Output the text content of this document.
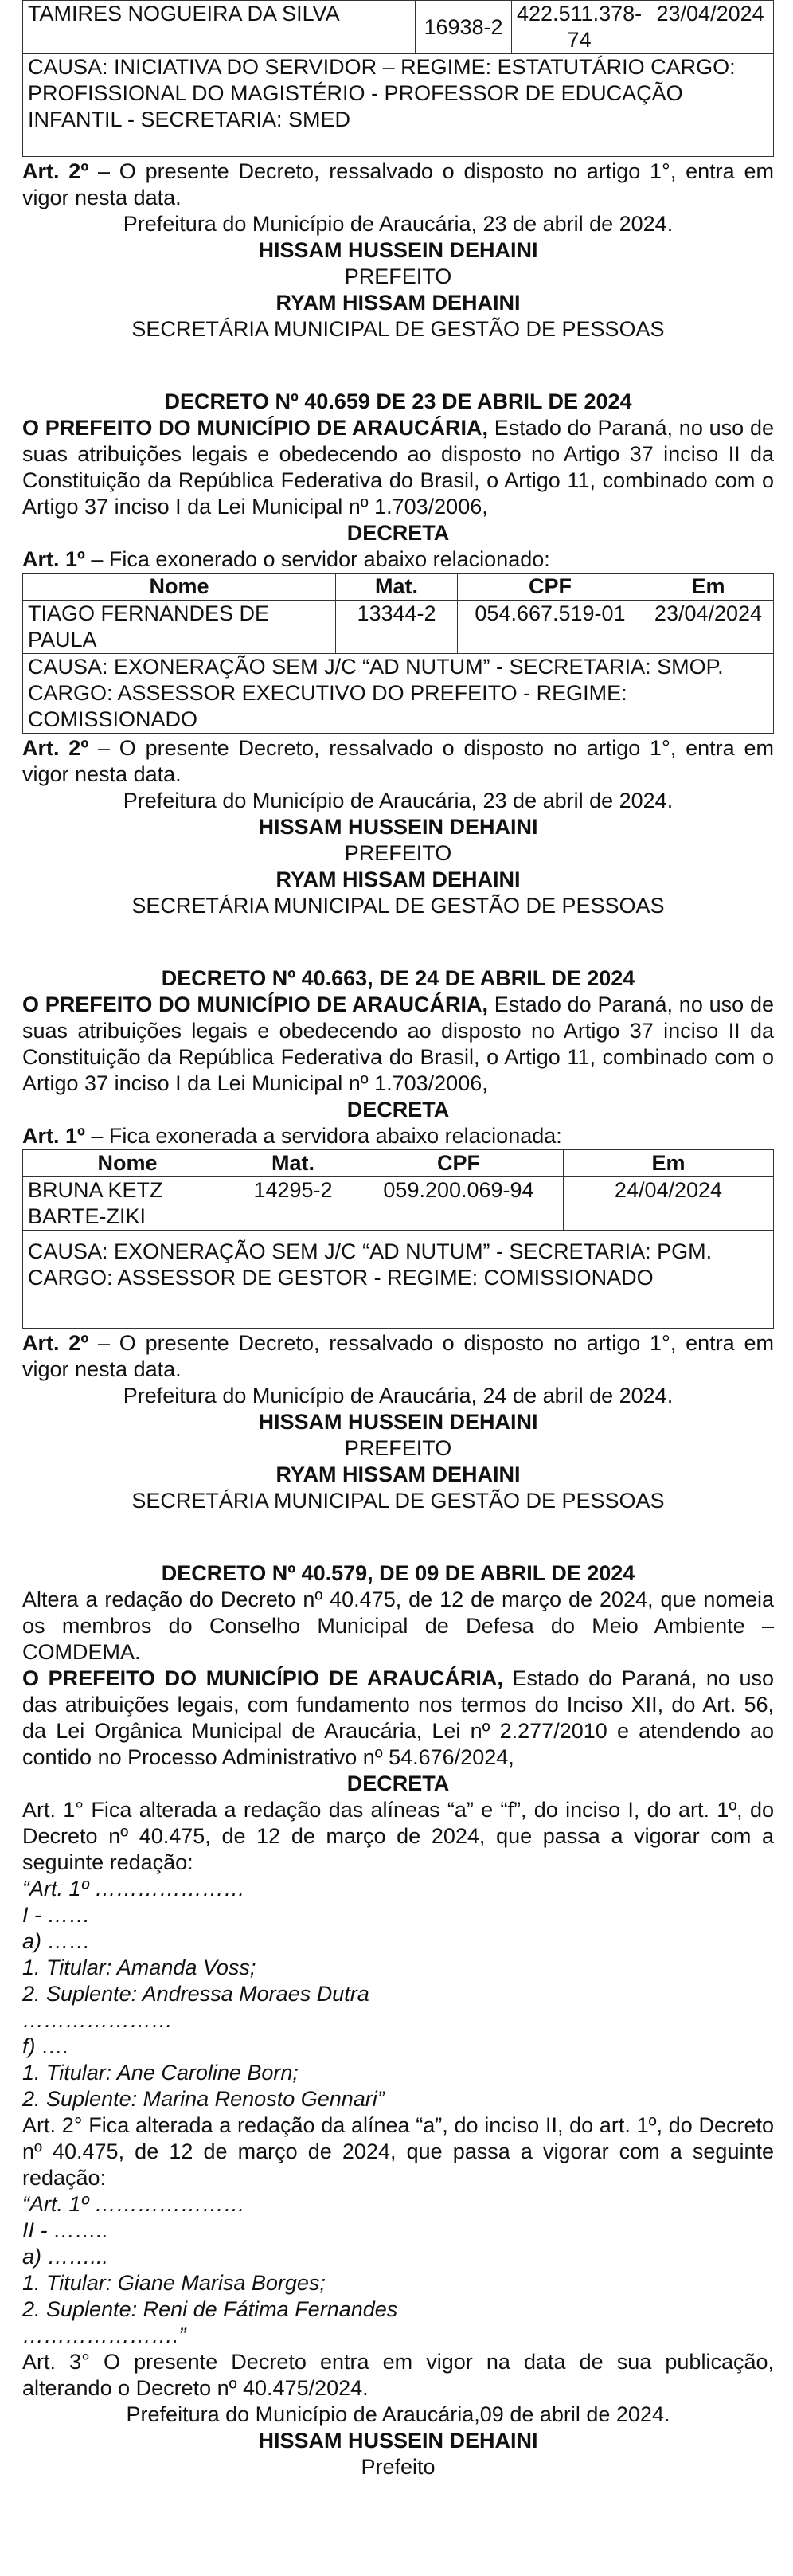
TAMIRES NOGUEIRA DA SILVA	16938-2	422.511.378-74	23/04/2024
CAUSA: INICIATIVA DO SERVIDOR – REGIME: ESTATUTÁRIO CARGO: PROFISSIONAL DO MAGISTÉRIO - PROFESSOR DE EDUCAÇÃO INFANTIL - SECRETARIA: SMED

Art. 2º – O presente Decreto, ressalvado o disposto no artigo 1°, entra em vigor nesta data.

Prefeitura do Município de Araucária, 23 de abril de 2024.

HISSAM HUSSEIN DEHAINI

PREFEITO

RYAM HISSAM DEHAINI

SECRETÁRIA MUNICIPAL DE GESTÃO DE PESSOAS

DECRETO Nº 40.659 DE 23 DE ABRIL DE 2024

O PREFEITO DO MUNICÍPIO DE ARAUCÁRIA, Estado do Paraná, no uso de suas atribuições legais e obedecendo ao disposto no Artigo 37 inciso II da Constituição da República Federativa do Brasil, o Artigo 11, combinado com o Artigo 37 inciso I da Lei Municipal nº 1.703/2006,

DECRETA

Art. 1º – Fica exonerado o servidor abaixo relacionado:

Nome	Mat.	CPF	Em
TIAGO FERNANDES DE PAULA	13344-2	054.667.519-01	23/04/2024
CAUSA: EXONERAÇÃO SEM J/C “AD NUTUM” - SECRETARIA: SMOP. CARGO: ASSESSOR EXECUTIVO DO PREFEITO - REGIME: COMISSIONADO			

Art. 2º – O presente Decreto, ressalvado o disposto no artigo 1°, entra em vigor nesta data.

Prefeitura do Município de Araucária, 23 de abril de 2024.

HISSAM HUSSEIN DEHAINI

PREFEITO

RYAM HISSAM DEHAINI

SECRETÁRIA MUNICIPAL DE GESTÃO DE PESSOAS

DECRETO Nº 40.663, DE 24 DE ABRIL DE 2024

O PREFEITO DO MUNICÍPIO DE ARAUCÁRIA, Estado do Paraná, no uso de suas atribuições legais e obedecendo ao disposto no Artigo 37 inciso II da Constituição da República Federativa do Brasil, o Artigo 11, combinado com o Artigo 37 inciso I da Lei Municipal nº 1.703/2006,

DECRETA

Art. 1º – Fica exonerada a servidora abaixo relacionada:

Nome	Mat.	CPF	Em
BRUNA KETZ BARTE-ZIKI	14295-2	059.200.069-94	24/04/2024
CAUSA: EXONERAÇÃO SEM J/C “AD NUTUM” - SECRETARIA: PGM. CARGO: ASSESSOR DE GESTOR - REGIME: COMISSIONADO			

Art. 2º – O presente Decreto, ressalvado o disposto no artigo 1°, entra em vigor nesta data.

Prefeitura do Município de Araucária, 24 de abril de 2024.

HISSAM HUSSEIN DEHAINI

PREFEITO

RYAM HISSAM DEHAINI

SECRETÁRIA MUNICIPAL DE GESTÃO DE PESSOAS

DECRETO Nº 40.579, DE 09 DE ABRIL DE 2024

Altera a redação do Decreto nº 40.475, de 12 de março de 2024, que nomeia os membros do Conselho Municipal de Defesa do Meio Ambiente – COMDEMA.

O PREFEITO DO MUNICÍPIO DE ARAUCÁRIA, Estado do Paraná, no uso das atribuições legais, com fundamento nos termos do Inciso XII, do Art. 56, da Lei Orgânica Municipal de Araucária, Lei nº 2.277/2010 e atendendo ao contido no Processo Administrativo nº 54.676/2024,

DECRETA

Art. 1° Fica alterada a redação das alíneas “a” e “f”, do inciso I, do art. 1º, do Decreto nº 40.475, de 12 de março de 2024, que passa a vigorar com a seguinte redação:

“Art. 1º …………………

I - ……

a) ……

1. Titular: Amanda Voss;

2. Suplente: Andressa Moraes Dutra

…………………

f) ….

1. Titular: Ane Caroline Born;

2. Suplente: Marina Renosto Gennari”

Art. 2° Fica alterada a redação da alínea “a”, do inciso II, do art. 1º, do Decreto nº 40.475, de 12 de março de 2024, que passa a vigorar com a seguinte redação:

“Art. 1º …………………

II - ……..

a) ……...

1. Titular: Giane Marisa Borges;

2. Suplente: Reni de Fátima Fernandes

………………….”

Art. 3° O presente Decreto entra em vigor na data de sua publicação, alterando o Decreto nº 40.475/2024.

Prefeitura do Município de Araucária,09 de abril de 2024.

HISSAM HUSSEIN DEHAINI

Prefeito
